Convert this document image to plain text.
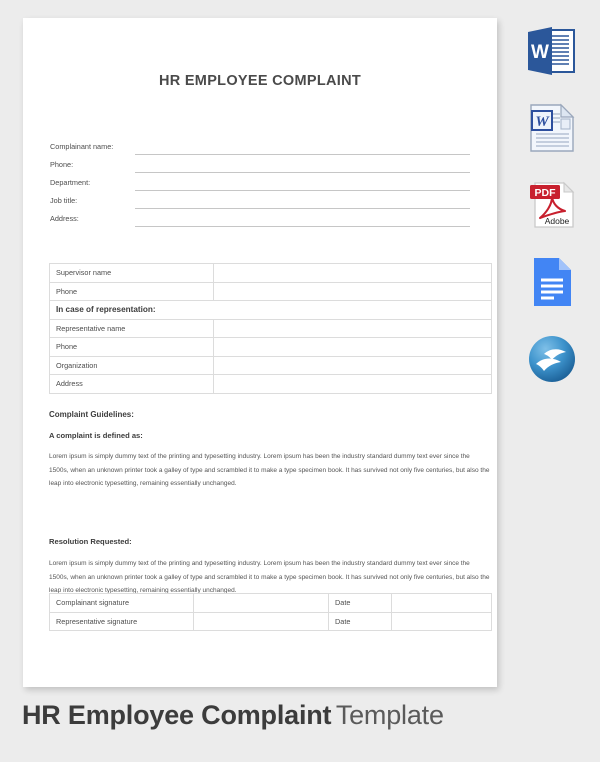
HR EMPLOYEE COMPLAINT
Complainant name:
Phone:
Department:
Job title:
Address:
Supervisor name	
Phone	
In case of representation:	
Representative name	
Phone	
Organization	
Address	
Complaint Guidelines:
A complaint is defined as:
Lorem ipsum is simply dummy text of the printing and typesetting industry. Lorem ipsum has been the industry standard dummy text ever since the 1500s, when an unknown printer took a galley of type and scrambled it to make a type specimen book. It has survived not only five centuries, but also the leap into electronic typesetting, remaining essentially unchanged.
Resolution Requested:
Lorem ipsum is simply dummy text of the printing and typesetting industry. Lorem ipsum has been the industry standard dummy text ever since the 1500s, when an unknown printer took a galley of type and scrambled it to make a type specimen book. It has survived not only five centuries, but also the leap into electronic typesetting, remaining essentially unchanged.
Complainant signature		Date	
Representative signature		Date	
W
W
PDF
Adobe
HR Employee Complaint Template
